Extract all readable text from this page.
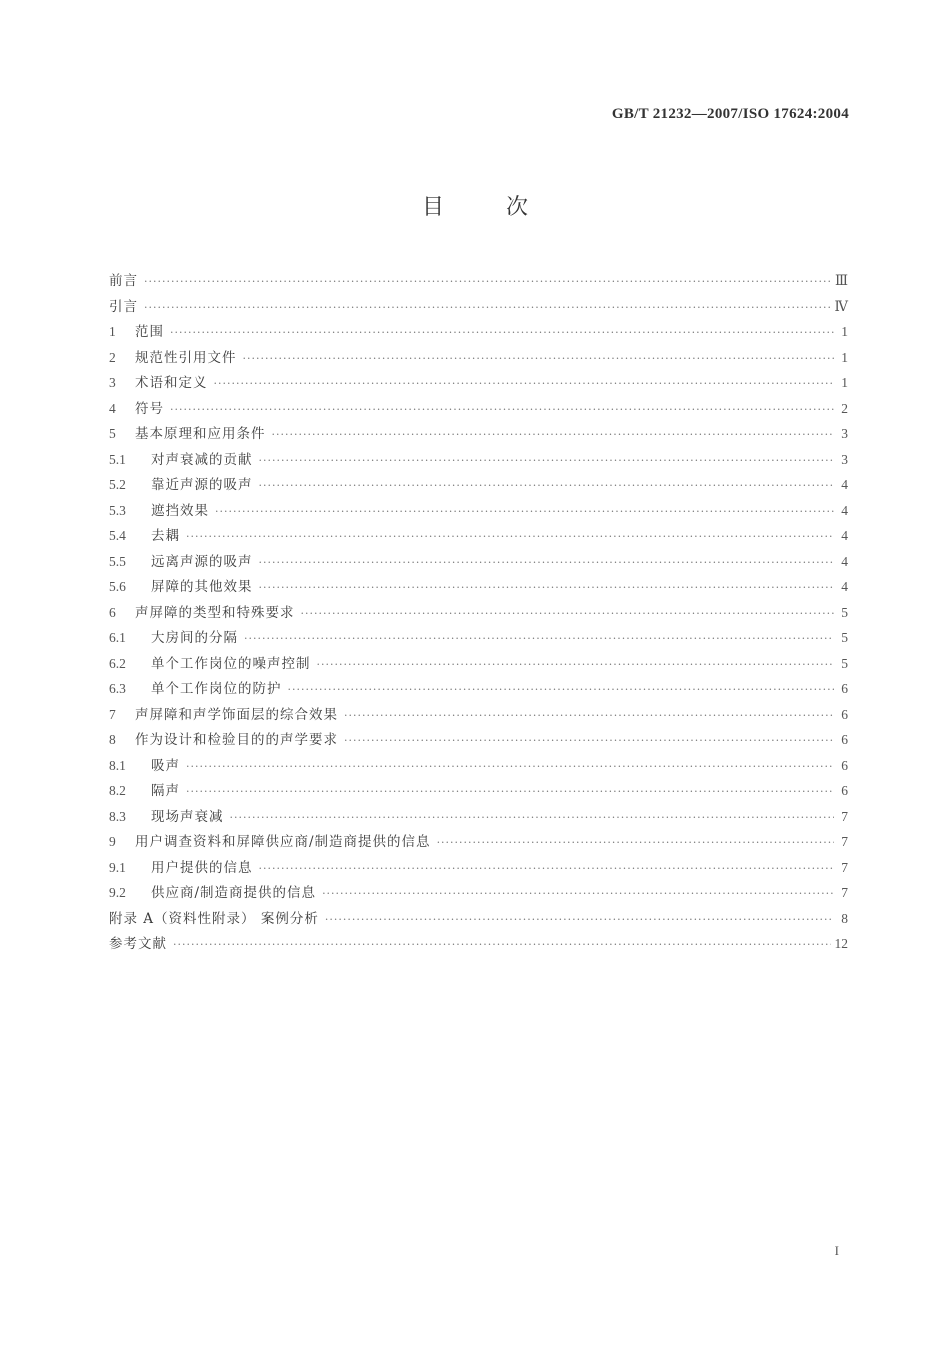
GB/T 21232—2007/ISO 17624:2004
目	次
前言 ·····	Ⅲ
引言 ·····	Ⅳ
1	范围 ·····	1
2	规范性引用文件 ·····	1
3	术语和定义 ·····	1
4	符号 ·····	2
5	基本原理和应用条件 ·····	3
5.1	对声衰减的贡献 ·····	3
5.2	靠近声源的吸声 ·····	4
5.3	遮挡效果 ·····	4
5.4	去耦 ·····	4
5.5	远离声源的吸声 ·····	4
5.6	屏障的其他效果 ·····	4
6	声屏障的类型和特殊要求 ·····	5
6.1	大房间的分隔 ·····	5
6.2	单个工作岗位的噪声控制 ·····	5
6.3	单个工作岗位的防护 ·····	6
7	声屏障和声学饰面层的综合效果 ·····	6
8	作为设计和检验目的的声学要求 ·····	6
8.1	吸声 ·····	6
8.2	隔声 ·····	6
8.3	现场声衰减 ·····	7
9	用户调查资料和屏障供应商/制造商提供的信息 ·····	7
9.1	用户提供的信息 ·····	7
9.2	供应商/制造商提供的信息 ·····	7
附录 A（资料性附录） 案例分析 ·····	8
参考文献 ·····	12
I
